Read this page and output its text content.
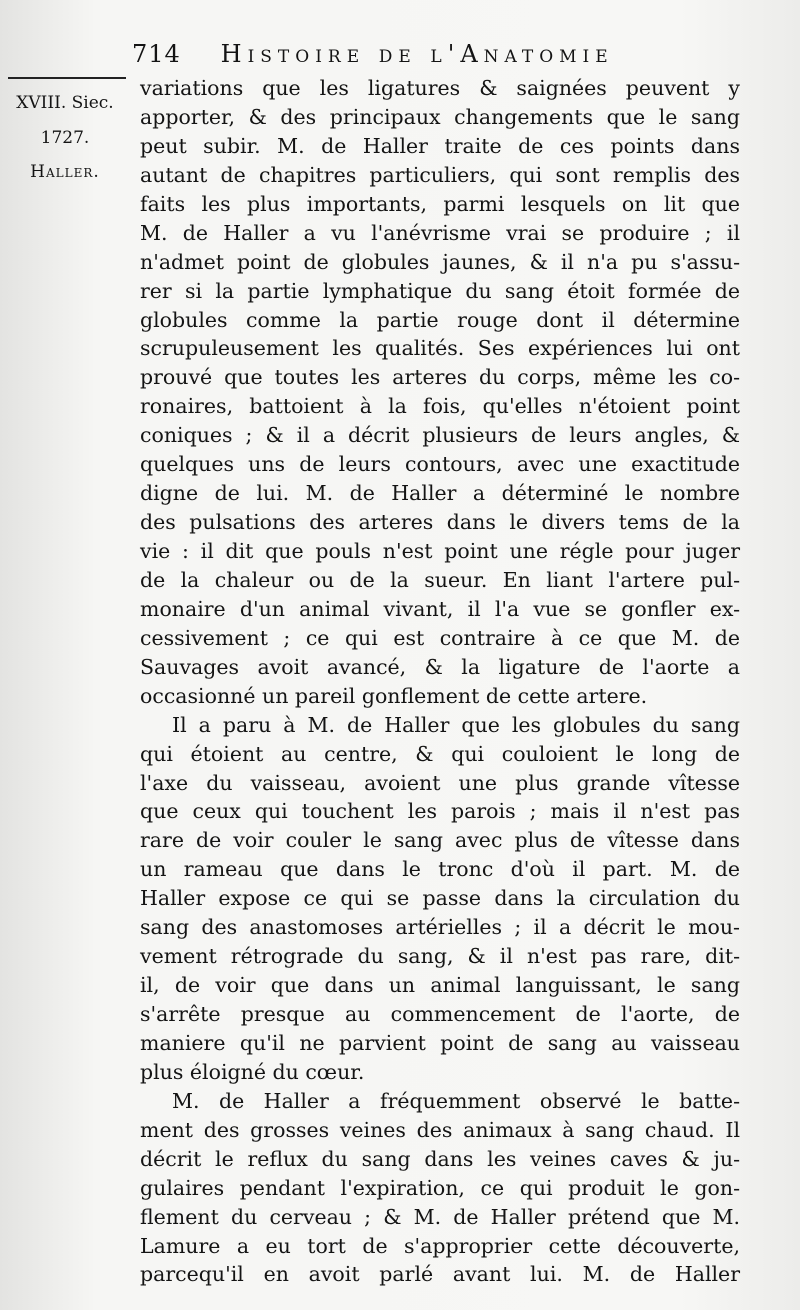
714 Histoire de l'Anatomie
XVIII. Siec.
1727.
Haller.
variations que les ligatures & saignées peuvent y
apporter, & des principaux changements que le sang
peut subir. M. de Haller traite de ces points dans
autant de chapitres particuliers, qui sont remplis des
faits les plus importants, parmi lesquels on lit que
M. de Haller a vu l'anévrisme vrai se produire ; il
n'admet point de globules jaunes, & il n'a pu s'assu-
rer si la partie lymphatique du sang étoit formée de
globules comme la partie rouge dont il détermine
scrupuleusement les qualités. Ses expériences lui ont
prouvé que toutes les arteres du corps, même les co-
ronaires, battoient à la fois, qu'elles n'étoient point
coniques ; & il a décrit plusieurs de leurs angles, &
quelques uns de leurs contours, avec une exactitude
digne de lui. M. de Haller a déterminé le nombre
des pulsations des arteres dans le divers tems de la
vie : il dit que pouls n'est point une régle pour juger
de la chaleur ou de la sueur. En liant l'artere pul-
monaire d'un animal vivant, il l'a vue se gonfler ex-
cessivement ; ce qui est contraire à ce que M. de
Sauvages avoit avancé, & la ligature de l'aorte a
occasionné un pareil gonflement de cette artere.
Il a paru à M. de Haller que les globules du sang
qui étoient au centre, & qui couloient le long de
l'axe du vaisseau, avoient une plus grande vîtesse
que ceux qui touchent les parois ; mais il n'est pas
rare de voir couler le sang avec plus de vîtesse dans
un rameau que dans le tronc d'où il part. M. de
Haller expose ce qui se passe dans la circulation du
sang des anastomoses artérielles ; il a décrit le mou-
vement rétrograde du sang, & il n'est pas rare, dit-
il, de voir que dans un animal languissant, le sang
s'arrête presque au commencement de l'aorte, de
maniere qu'il ne parvient point de sang au vaisseau
plus éloigné du cœur.
M. de Haller a fréquemment observé le batte-
ment des grosses veines des animaux à sang chaud. Il
décrit le reflux du sang dans les veines caves & ju-
gulaires pendant l'expiration, ce qui produit le gon-
flement du cerveau ; & M. de Haller prétend que M.
Lamure a eu tort de s'approprier cette découverte,
parcequ'il en avoit parlé avant lui. M. de Haller
